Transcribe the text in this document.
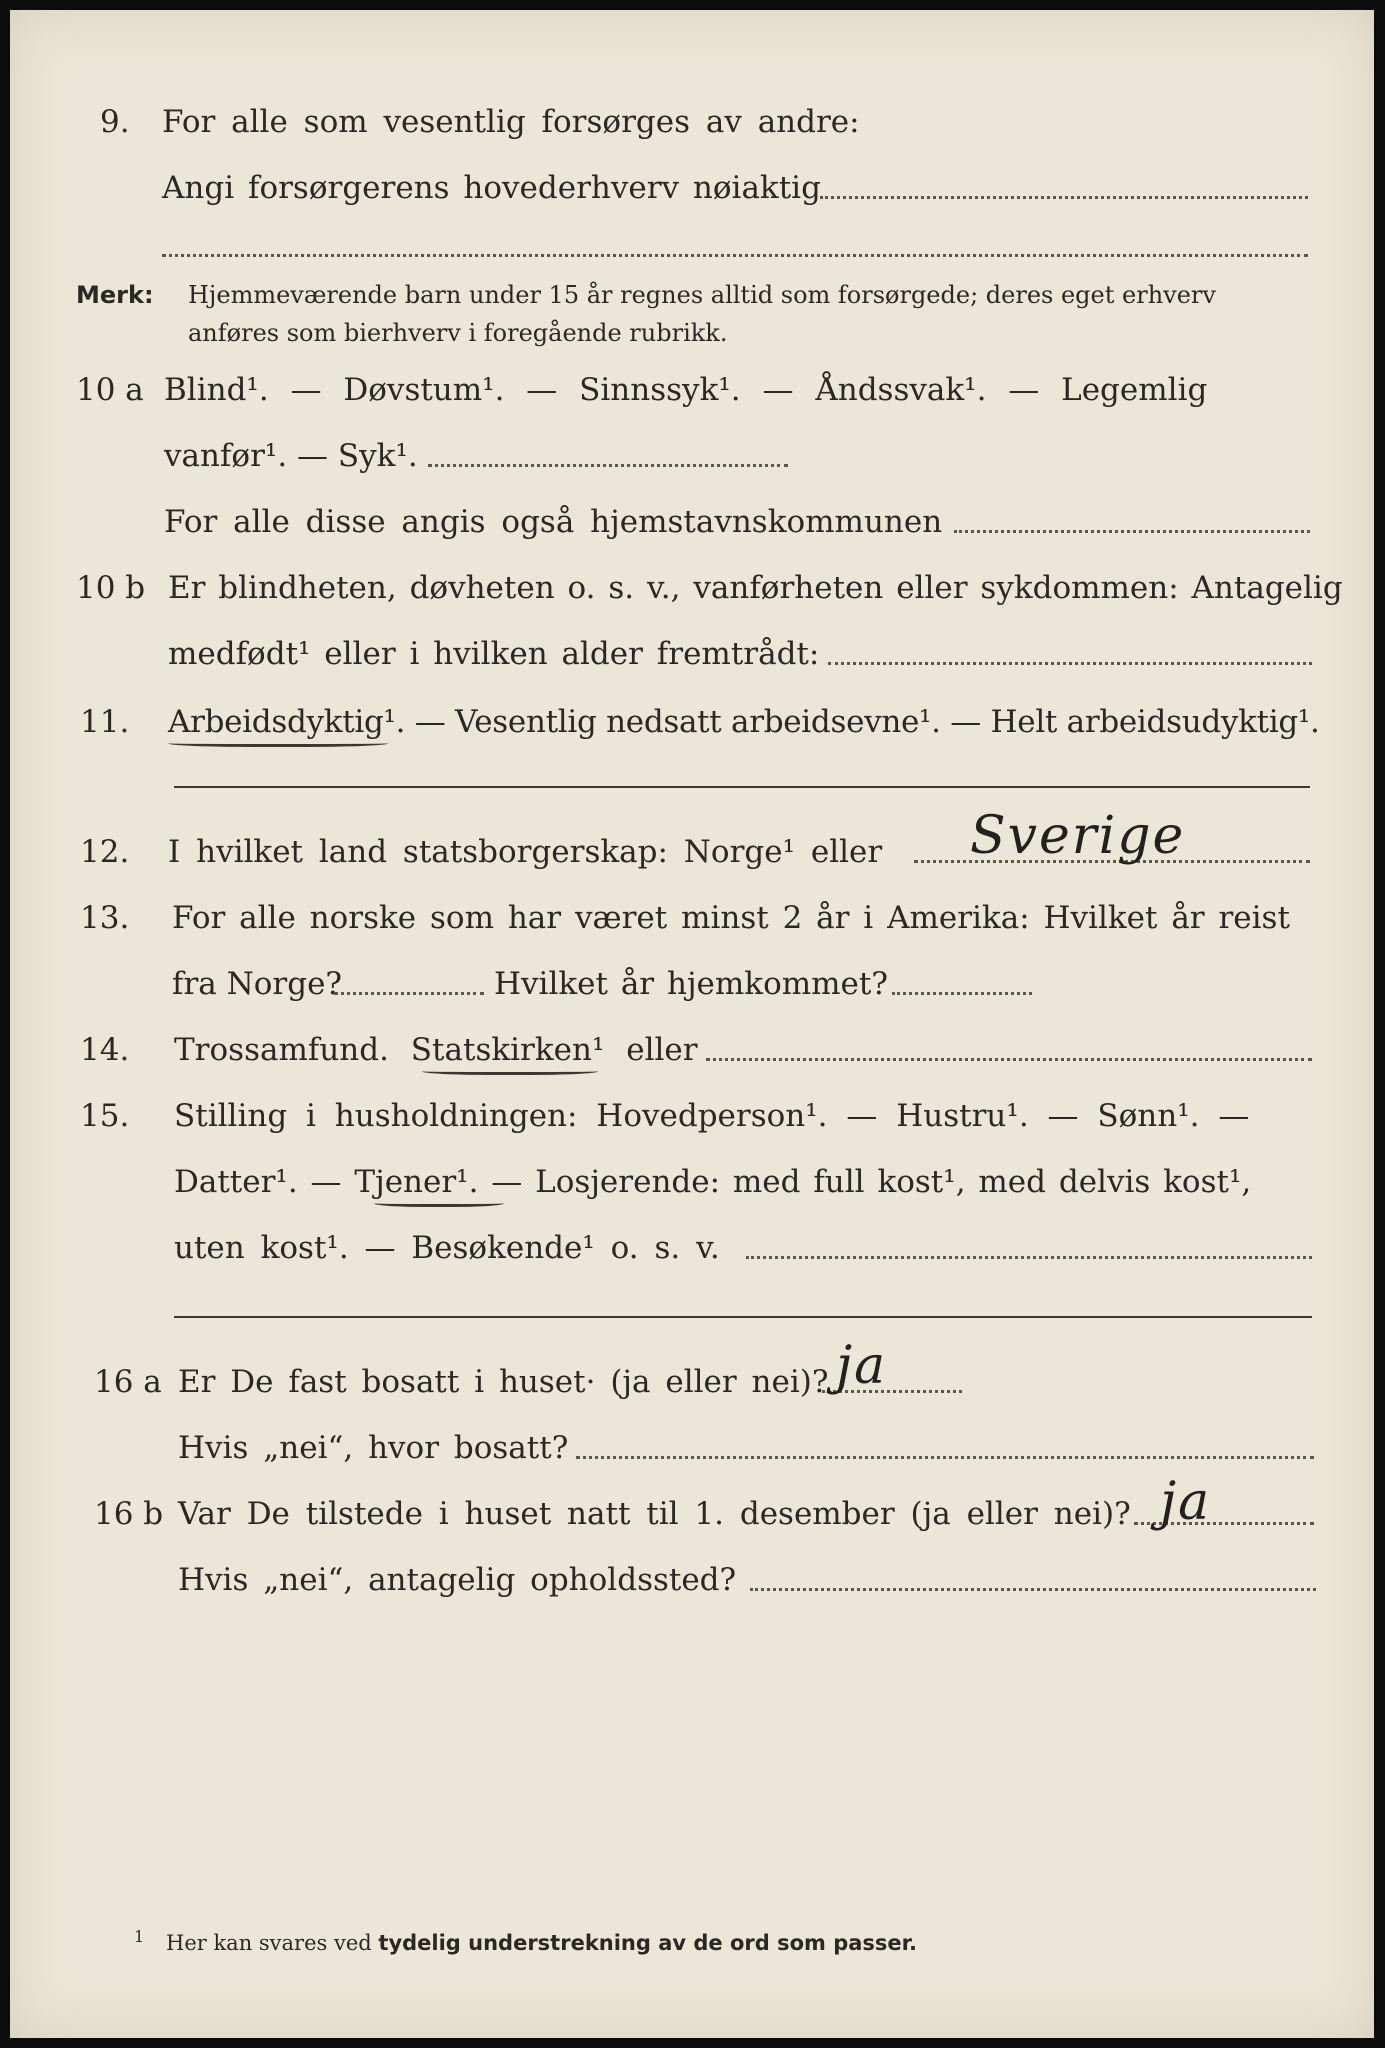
9. For alle som vesentlig forsørges av andre:
Angi forsørgerens hovederhverv nøiaktig
Merk: Hjemmeværende barn under 15 år regnes alltid som forsørgede; deres eget erhverv
anføres som bierhverv i foregående rubrikk.
10 a Blind¹. — Døvstum¹. — Sinnssyk¹. — Åndssvak¹. — Legemlig
vanfør¹. — Syk¹.
For alle disse angis også hjemstavnskommunen
10 b Er blindheten, døvheten o. s. v., vanførheten eller sykdommen: Antagelig
medfødt¹ eller i hvilken alder fremtrådt:
11. Arbeidsdyktig¹. — Vesentlig nedsatt arbeidsevne¹. — Helt arbeidsudyktig¹.
12. I hvilket land statsborgerskap: Norge¹ eller Sverige
13. For alle norske som har været minst 2 år i Amerika: Hvilket år reist
fra Norge?	Hvilket år hjemkommet?
14. Trossamfund. Statskirken¹ eller
15. Stilling i husholdningen: Hovedperson¹. — Hustru¹. — Sønn¹. —
Datter¹. — Tjener¹. — Losjerende: med full kost¹, med delvis kost¹,
uten kost¹. — Besøkende¹ o. s. v.
16 a Er De fast bosatt i huset· (ja eller nei)? ja
Hvis „nei“, hvor bosatt?
16 b Var De tilstede i huset natt til 1. desember (ja eller nei)? ja
Hvis „nei“, antagelig opholdssted?
1 Her kan svares ved tydelig understrekning av de ord som passer.
